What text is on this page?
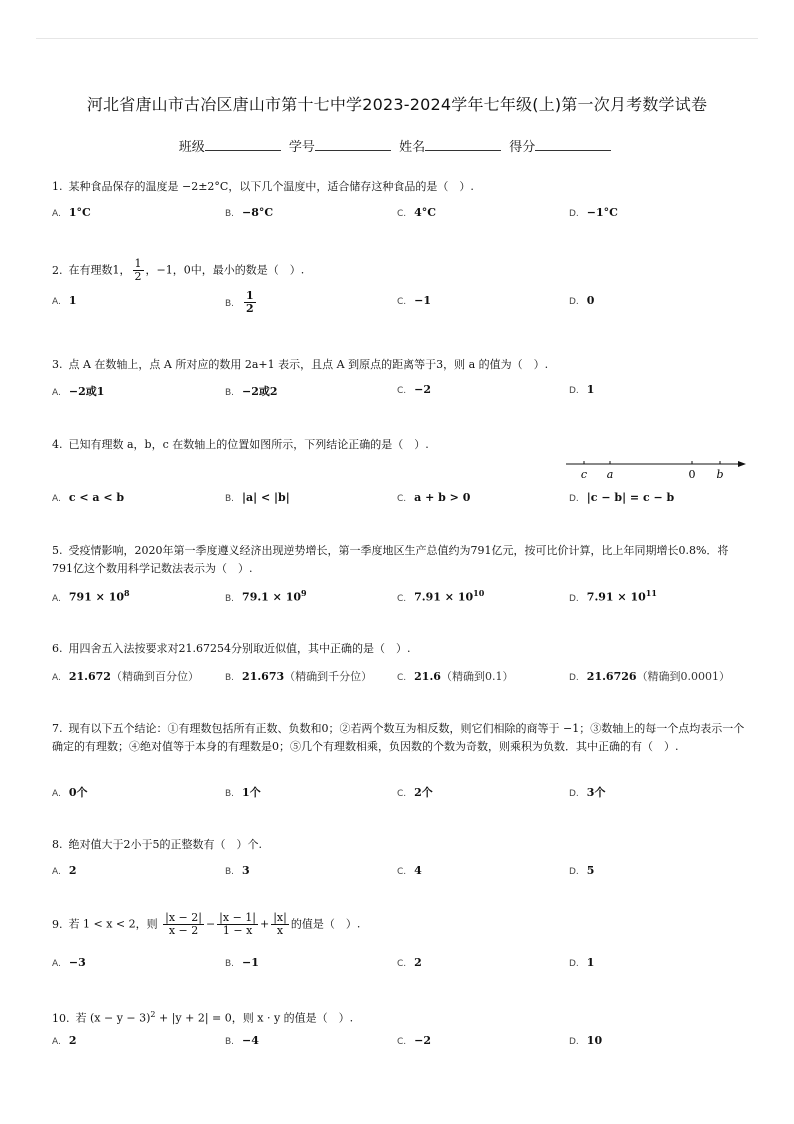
河北省唐山市古冶区唐山市第十七中学2023-2024学年七年级(上)第一次月考数学试卷
班级	学号	姓名	得分
1. 某种食品保存的温度是 −2±2°C，以下几个温度中，适合储存这种食品的是（　）.
A. 1°C	B. −8°C	C. 4°C	D. −1°C
2. 在有理数1， $\frac{1}{2}$ ，−1，0中，最小的数是（　）.
A. 1	B. $\frac{1}{2}$	C. −1	D. 0
3. 点 A 在数轴上，点 A 所对应的数用 2a+1 表示，且点 A 到原点的距离等于3，则 a 的值为（　）.
A. −2或1	B. −2或2	C. −2	D. 1
4. 已知有理数 a，b，c 在数轴上的位置如图所示，下列结论正确的是（　）.
c a	0 b
A. c < a < b	B. |a| < |b|	C. a + b > 0	D. |c − b| = c − b
5. 受疫情影响，2020年第一季度遵义经济出现逆势增长，第一季度地区生产总值约为791亿元，按可比价计算，比上年同期增长0.8%．将791亿这个数用科学记数法表示为（　）.
A. $791 \times 10^8$
B. $79.1 \times 10^9$
C. $7.91 \times 10^{10}$
D. $7.91 \times 10^{11}$
6. 用四舍五入法按要求对21.67254分别取近似值，其中正确的是（　）.
A. 21.672（精确到百分位）	B. 21.673（精确到千分位）	C. 21.6（精确到0.1）	D. 21.6726（精确到0.0001）
7. 现有以下五个结论：①有理数包括所有正数、负数和0；②若两个数互为相反数，则它们相除的商等于 −1；③数轴上的每一个点均表示一个确定的有理数；④绝对值等于本身的有理数是0；⑤几个有理数相乘，负因数的个数为奇数，则乘积为负数．其中正确的有（　）.
A. 0个	B. 1个	C. 2个	D. 3个
8. 绝对值大于2小于5的正整数有（　）个.
A. 2	B. 3	C. 4	D. 5
9. 若 1 < x < 2，则 $\frac{|x - 2|}{x - 2} - \frac{|x - 1|}{1 - x} + \frac{|x|}{x}$ 的值是（　）.
A. −3	B. −1	C. 2	D. 1
10. 若 $(x - y - 3)^2 + |y + 2| = 0$，则 x · y 的值是（　）.
A. 2	B. −4	C. −2	D. 10
